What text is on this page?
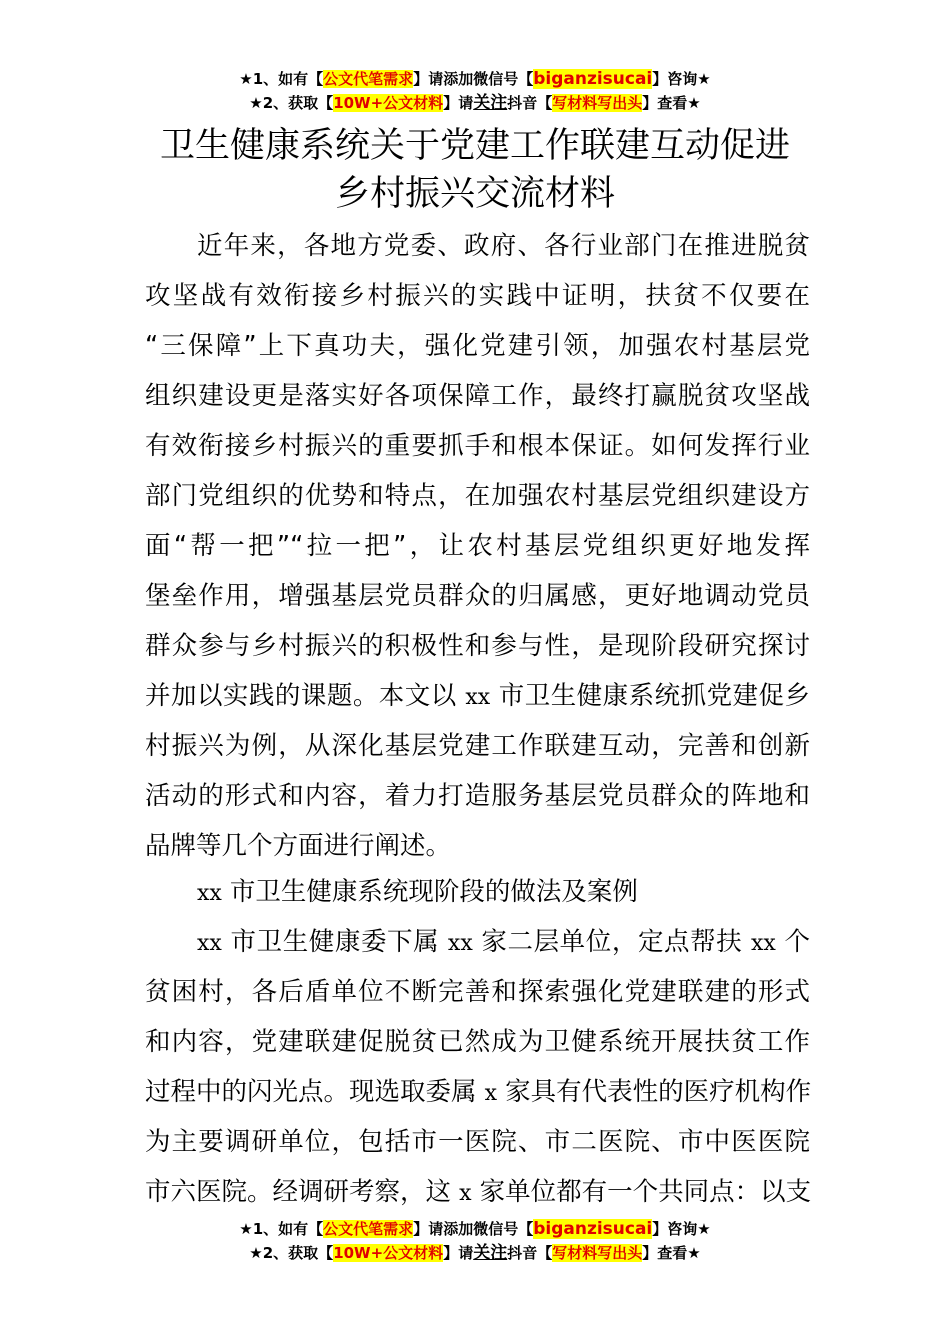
★1、如有【公文代笔需求】请添加微信号【biganzisucai】咨询★
★2、获取【10W+公文材料】请关注抖音【写材料写出头】查看★
卫生健康系统关于党建工作联建互动促进
乡村振兴交流材料
近年来，各地方党委、政府、各行业部门在推进脱贫
攻坚战有效衔接乡村振兴的实践中证明，扶贫不仅要在
“三保障”上下真功夫，强化党建引领，加强农村基层党
组织建设更是落实好各项保障工作，最终打赢脱贫攻坚战
有效衔接乡村振兴的重要抓手和根本保证。如何发挥行业
部门党组织的优势和特点，在加强农村基层党组织建设方
面“帮一把”“拉一把”，让农村基层党组织更好地发挥
堡垒作用，增强基层党员群众的归属感，更好地调动党员
群众参与乡村振兴的积极性和参与性，是现阶段研究探讨
并加以实践的课题。本文以 xx 市卫生健康系统抓党建促乡
村振兴为例，从深化基层党建工作联建互动，完善和创新
活动的形式和内容，着力打造服务基层党员群众的阵地和
品牌等几个方面进行阐述。
xx 市卫生健康系统现阶段的做法及案例
xx 市卫生健康委下属 xx 家二层单位，定点帮扶 xx 个
贫困村，各后盾单位不断完善和探索强化党建联建的形式
和内容，党建联建促脱贫已然成为卫健系统开展扶贫工作
过程中的闪光点。现选取委属 x 家具有代表性的医疗机构作
为主要调研单位，包括市一医院、市二医院、市中医医院
市六医院。经调研考察，这 x 家单位都有一个共同点：以支
★1、如有【公文代笔需求】请添加微信号【biganzisucai】咨询★
★2、获取【10W+公文材料】请关注抖音【写材料写出头】查看★
